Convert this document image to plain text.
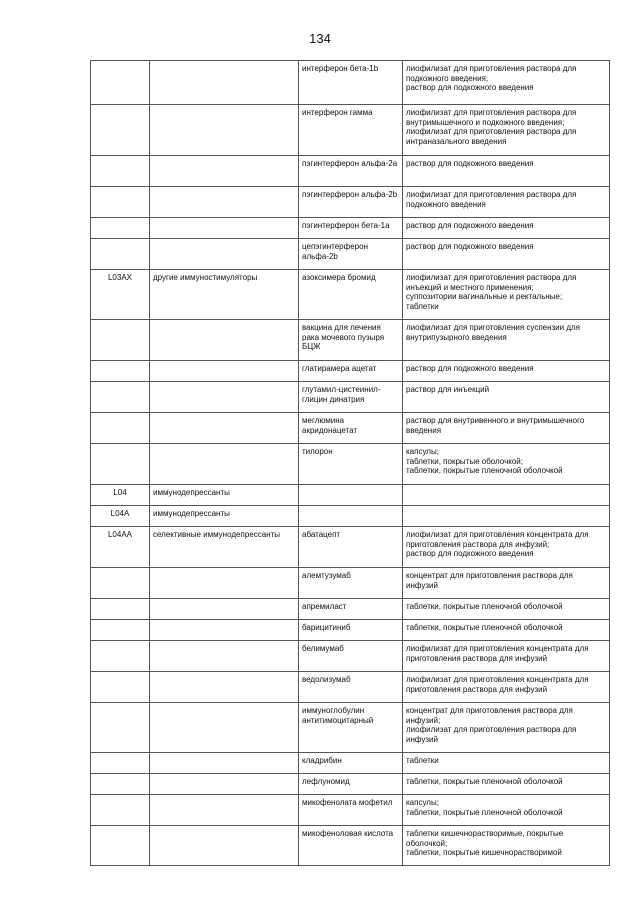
134

		интерферон бета-1b	лиофилизат для приготовления раствора для подкожного введения;
раствор для подкожного введения

		интерферон гамма	лиофилизат для приготовления раствора для внутримышечного и подкожного введения;
лиофилизат для приготовления раствора для интраназального введения

		пэгинтерферон альфа-2a	раствор для подкожного введения

		пэгинтерферон альфа-2b	лиофилизат для приготовления раствора для подкожного введения

		пэгинтерферон бета-1a	раствор для подкожного введения

		цепэгинтерферон альфа-2b	раствор для подкожного введения

L03AX	другие иммуностимуляторы	азоксимера бромид	лиофилизат для приготовления раствора для инъекций и местного применения;
суппозитории вагинальные и ректальные;
таблетки

		вакцина для лечения рака мочевого пузыря БЦЖ	лиофилизат для приготовления суспензии для внутрипузырного введения

		глатирамера ацетат	раствор для подкожного введения

		глутамил-цистеинил-глицин динатрия	раствор для инъекций

		меглюмина акридонацетат	раствор для внутривенного и внутримышечного введения

		тилорон	капсулы;
таблетки, покрытые оболочкой;
таблетки, покрытые пленочной оболочкой

L04	иммунодепрессанты		
L04A	иммунодепрессанты		
L04AA	селективные иммунодепрессанты	абатацепт	лиофилизат для приготовления концентрата для приготовления раствора для инфузий;
раствор для подкожного введения

		алемтузумаб	концентрат для приготовления раствора для инфузий

		апремиласт	таблетки, покрытые пленочной оболочкой

		барицитиниб	таблетки, покрытые пленочной оболочкой

		белимумаб	лиофилизат для приготовления концентрата для приготовления раствора для инфузий

		ведолизумаб	лиофилизат для приготовления концентрата для приготовления раствора для инфузий

		иммуноглобулин антитимоцитарный	концентрат для приготовления раствора для инфузий;
лиофилизат для приготовления раствора для инфузий

		кладрибин	таблетки

		лефлуномид	таблетки, покрытые пленочной оболочкой

		микофенолата мофетил	капсулы;
таблетки, покрытые пленочной оболочкой

		микофеноловая кислота	таблетки кишечнорастворимые, покрытые оболочкой;
таблетки, покрытые кишечнорастворимой
